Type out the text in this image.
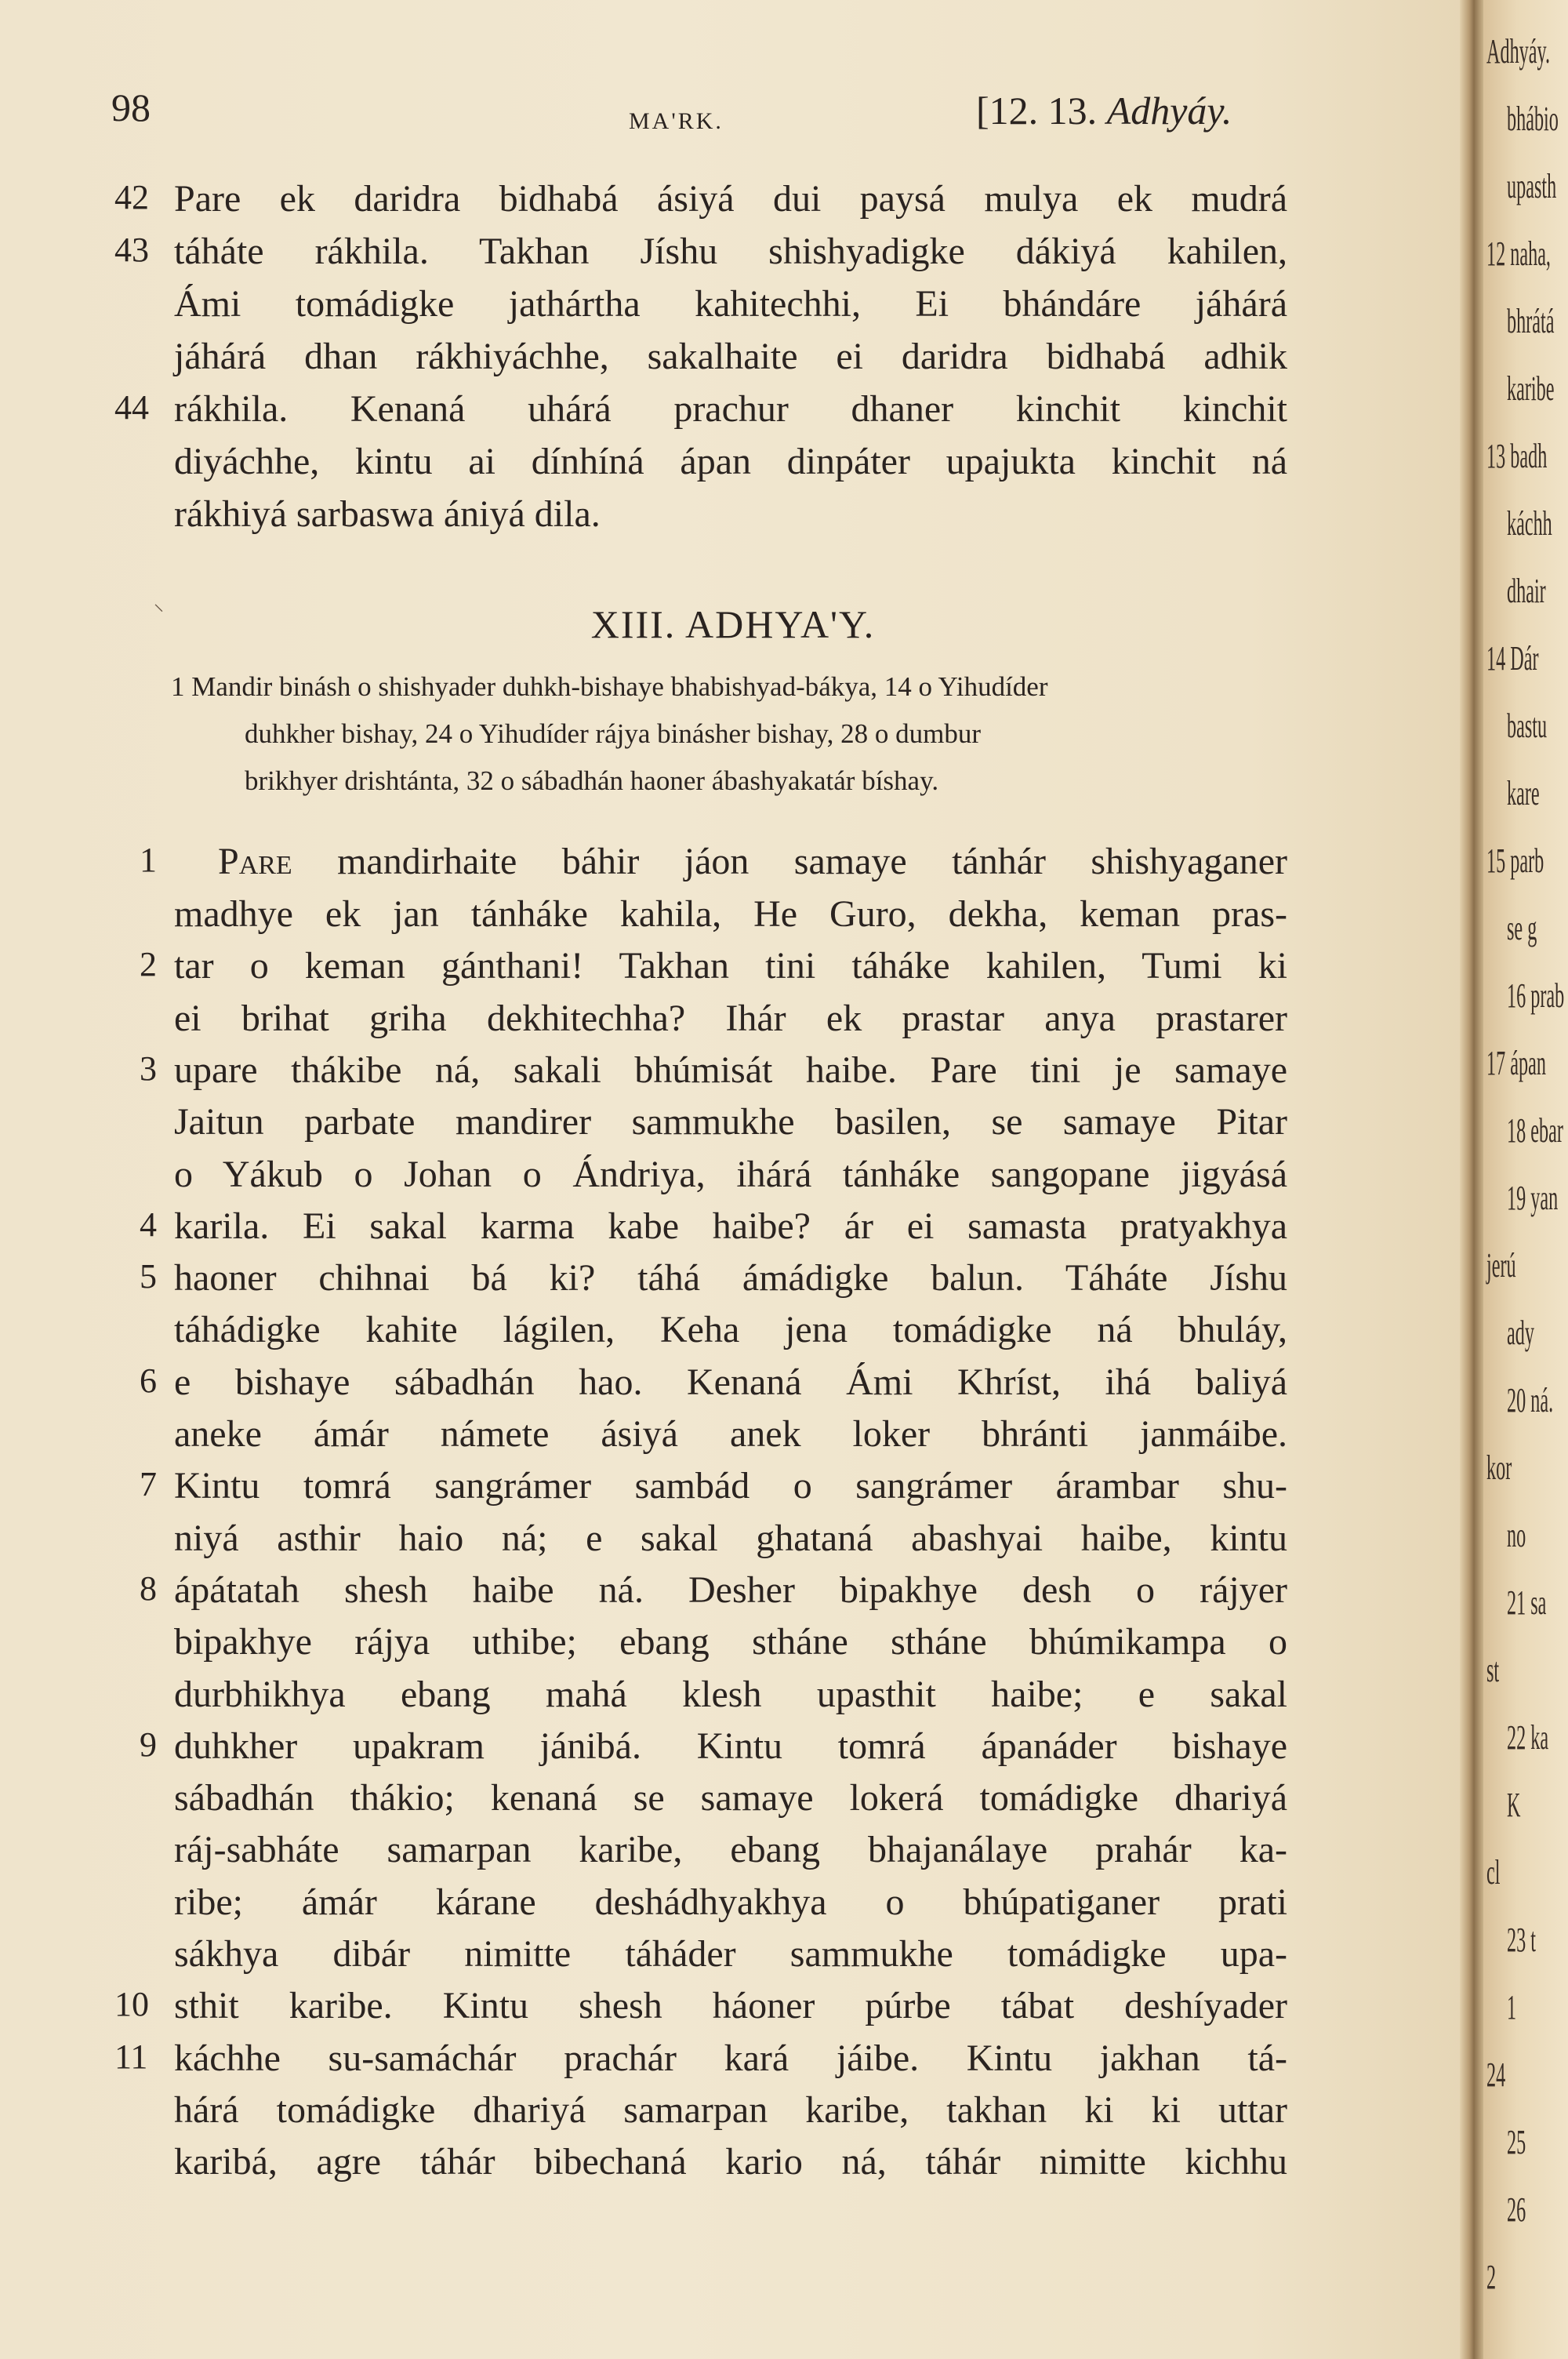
98	MA'RK.	[12. 13. Adhyáy.
42 Pare ek daridra bidhabá ásiyá dui paysá mulya ek mudrá
43 táháte rákhila. Takhan Jíshu shishyadigke dákiyá kahilen,
Ámi tomádigke jathártha kahitechhi, Ei bhándáre jáhárá
jáhárá dhan rákhiyáchhe, sakalhaite ei daridra bidhabá adhik
44 rákhila. Kenaná uhárá prachur dhaner kinchit kinchit
diyáchhe, kintu ai dínhíná ápan dinpáter upajukta kinchit ná
rákhiyá sarbaswa ániyá dila.
⸜	XIII. ADHYA'Y.
1 Mandir binásh o shishyader duhkh-bishaye bhabishyad-bákya, 14 o Yihudíder
duhkher bishay, 24 o Yihudíder rájya binásher bishay, 28 o dumbur
brikhyer drishtánta, 32 o sábadhán haoner ábashyakatár bíshay.
1 Pare mandirhaite báhir jáon samaye tánhár shishyaganer
madhye ek jan tánháke kahila, He Guro, dekha, keman pras-
2 tar o keman gánthani! Takhan tini táháke kahilen, Tumi ki
ei brihat griha dekhitechha? Ihár ek prastar anya prastarer
3 upare thákibe ná, sakali bhúmisát haibe. Pare tini je samaye
Jaitun parbate mandirer sammukhe basilen, se samaye Pitar
o Yákub o Johan o Ándriya, ihárá tánháke sangopane jigyásá
4 karila. Ei sakal karma kabe haibe? ár ei samasta pratyakhya
5 haoner chihnai bá ki? táhá ámádigke balun. Táháte Jíshu
táhádigke kahite lágilen, Keha jena tomádigke ná bhuláy,
6 e bishaye sábadhán hao. Kenaná Ámi Khríst, ihá baliyá
aneke ámár námete ásiyá anek loker bhránti janmáibe.
7 Kintu tomrá sangrámer sambád o sangrámer árambar shu-
niyá asthir haio ná; e sakal ghataná abashyai haibe, kintu
8 ápátatah shesh haibe ná. Desher bipakhye desh o rájyer
bipakhye rájya uthibe; ebang stháne stháne bhúmikampa o
durbhikhya ebang mahá klesh upasthit haibe; e sakal
9 duhkher upakram jánibá. Kintu tomrá ápanáder bishaye
sábadhán thákio; kenaná se samaye lokerá tomádigke dhariyá
ráj-sabháte samarpan karibe, ebang bhajanálaye prahár ka-
ribe; ámár kárane deshádhyakhya o bhúpatiganer prati
sákhya dibár nimitte táháder sammukhe tomádigke upa-
10 sthit karibe. Kintu shesh háoner púrbe tábat deshíyader
11 káchhe su-samáchár prachár kará jáibe. Kintu jakhan tá-
hárá tomádigke dhariyá samarpan karibe, takhan ki ki uttar
karibá, agre táhár bibechaná kario ná, táhár nimitte kichhu
Adhyáy.
bhábio
upasth
12 naha,
bhrátá
karibe
13 badh
káchh
dhair
14 Dár
bastu
kare
15 parb
se g
16 prab
17 ápan
18 ebar
19 yan
jerú
ady
20 ná.
kor
no
21 sa
st
22 ka
K
cl
23 t
1
24
25
26
2
